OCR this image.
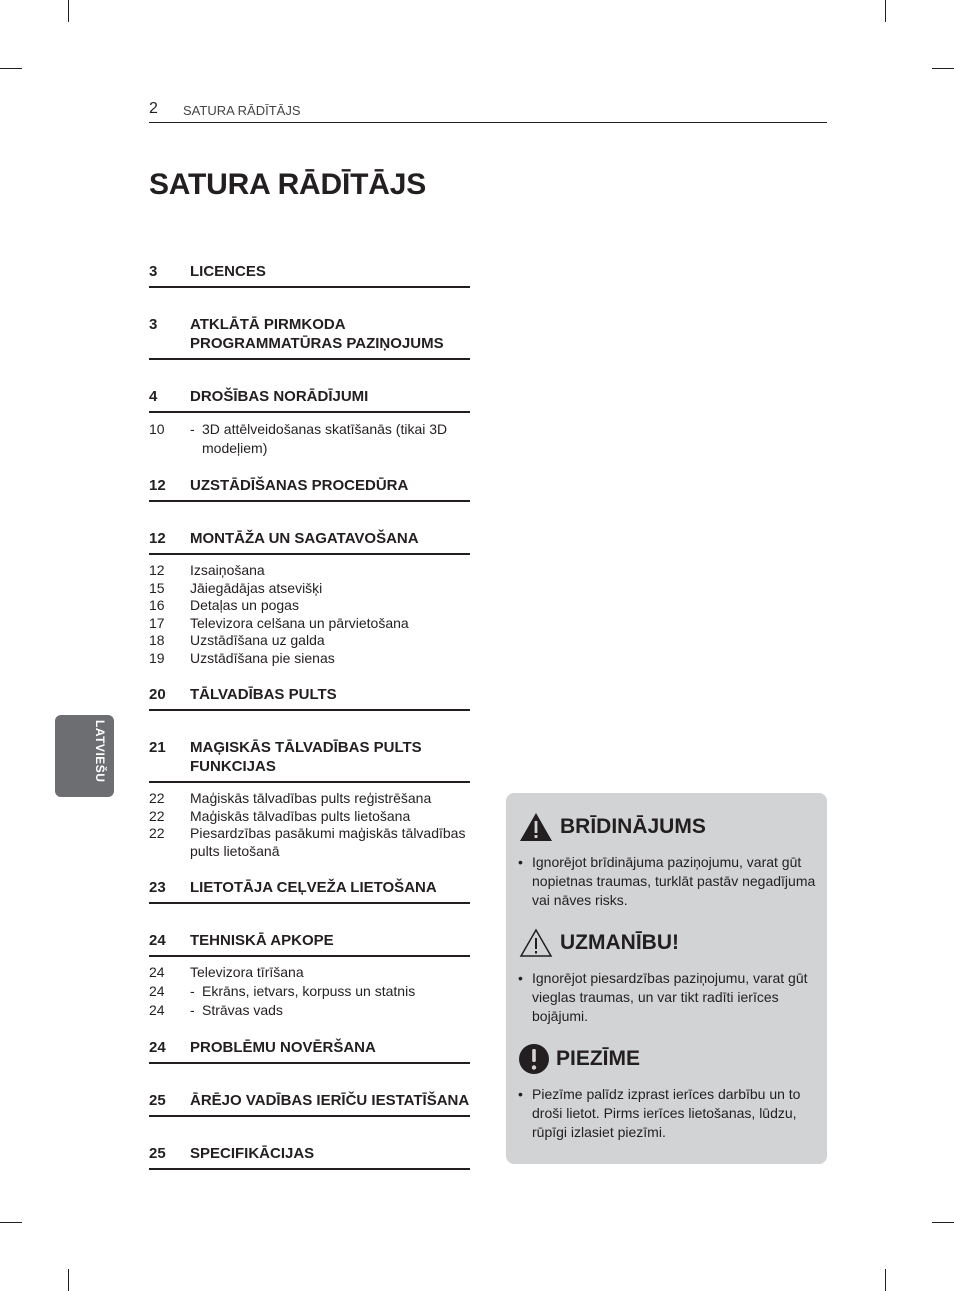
2 SATURA RĀDĪTĀJS
SATURA RĀDĪTĀJS
3	LICENCES
3	ATKLĀTĀ PIRMKODA PROGRAMMATŪRAS PAZIŅOJUMS
4	DROŠĪBAS NORĀDĪJUMI
10	- 3D attēlveidošanas skatīšanās (tikai 3D modeļiem)
12	UZSTĀDĪŠANAS PROCEDŪRA
12	MONTĀŽA UN SAGATAVOŠANA
12	Izsaiņošana
15	Jāiegādājas atsevišķi
16	Detaļas un pogas
17	Televizora celšana un pārvietošana
18	Uzstādīšana uz galda
19	Uzstādīšana pie sienas
20	TĀLVADĪBAS PULTS
21	MAĢISKĀS TĀLVADĪBAS PULTS FUNKCIJAS
22	Maģiskās tālvadības pults reģistrēšana
22	Maģiskās tālvadības pults lietošana
22	Piesardzības pasākumi maģiskās tālvadības pults lietošanā
23	LIETOTĀJA CEĻVEŽA LIETOŠANA
24	TEHNISKĀ APKOPE
24	Televizora tīrīšana
24	- Ekrāns, ietvars, korpuss un statnis
24	- Strāvas vads
24	PROBLĒMU NOVĒRŠANA
25	ĀRĒJO VADĪBAS IERĪČU IESTATĪŠANA
25	SPECIFIKĀCIJAS
LATVIEŠU
BRĪDINĀJUMS
• Ignorējot brīdinājuma paziņojumu, varat gūt nopietnas traumas, turklāt pastāv negadījuma vai nāves risks.
UZMANĪBU!
• Ignorējot piesardzības paziņojumu, varat gūt vieglas traumas, un var tikt radīti ierīces bojājumi.
PIEZĪME
• Piezīme palīdz izprast ierīces darbību un to droši lietot. Pirms ierīces lietošanas, lūdzu, rūpīgi izlasiet piezīmi.
